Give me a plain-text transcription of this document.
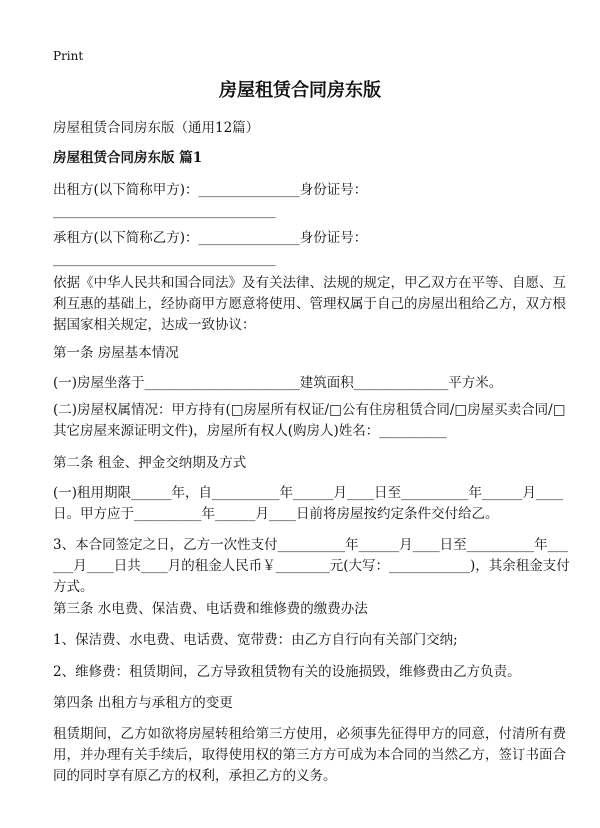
Print
房屋租赁合同房东版
房屋租赁合同房东版（通用12篇）
房屋租赁合同房东版 篇1
出租方(以下简称甲方)：_______________身份证号：
_________________________________
承租方(以下简称乙方)：_______________身份证号：
_________________________________
依据《中华人民共和国合同法》及有关法律、法规的规定，甲乙双方在平等、自愿、互利互惠的基础上，经协商甲方愿意将使用、管理权属于自己的房屋出租给乙方，双方根据国家相关规定，达成一致协议：
第一条 房屋基本情况
(一)房屋坐落于_______________________建筑面积______________平方米。
(二)房屋权属情况：甲方持有(□房屋所有权证/□公有住房租赁合同/□房屋买卖合同/□其它房屋来源证明文件)，房屋所有权人(购房人)姓名：__________
第二条 租金、押金交纳期及方式
(一)租用期限______年，自__________年______月____日至__________年______月____日。甲方应于__________年______月____日前将房屋按约定条件交付给乙。
3、本合同签定之日，乙方一次性支付__________年______月____日至__________年______月____日共____月的租金人民币￥________元(大写：____________)，其余租金支付方式。
第三条 水电费、保洁费、电话费和维修费的缴费办法
1、保洁费、水电费、电话费、宽带费：由乙方自行向有关部门交纳;
2、维修费：租赁期间，乙方导致租赁物有关的设施损毁，维修费由乙方负责。
第四条 出租方与承租方的变更
租赁期间，乙方如欲将房屋转租给第三方使用，必须事先征得甲方的同意，付清所有费用，并办理有关手续后，取得使用权的第三方方可成为本合同的当然乙方，签订书面合同的同时享有原乙方的权利，承担乙方的义务。
